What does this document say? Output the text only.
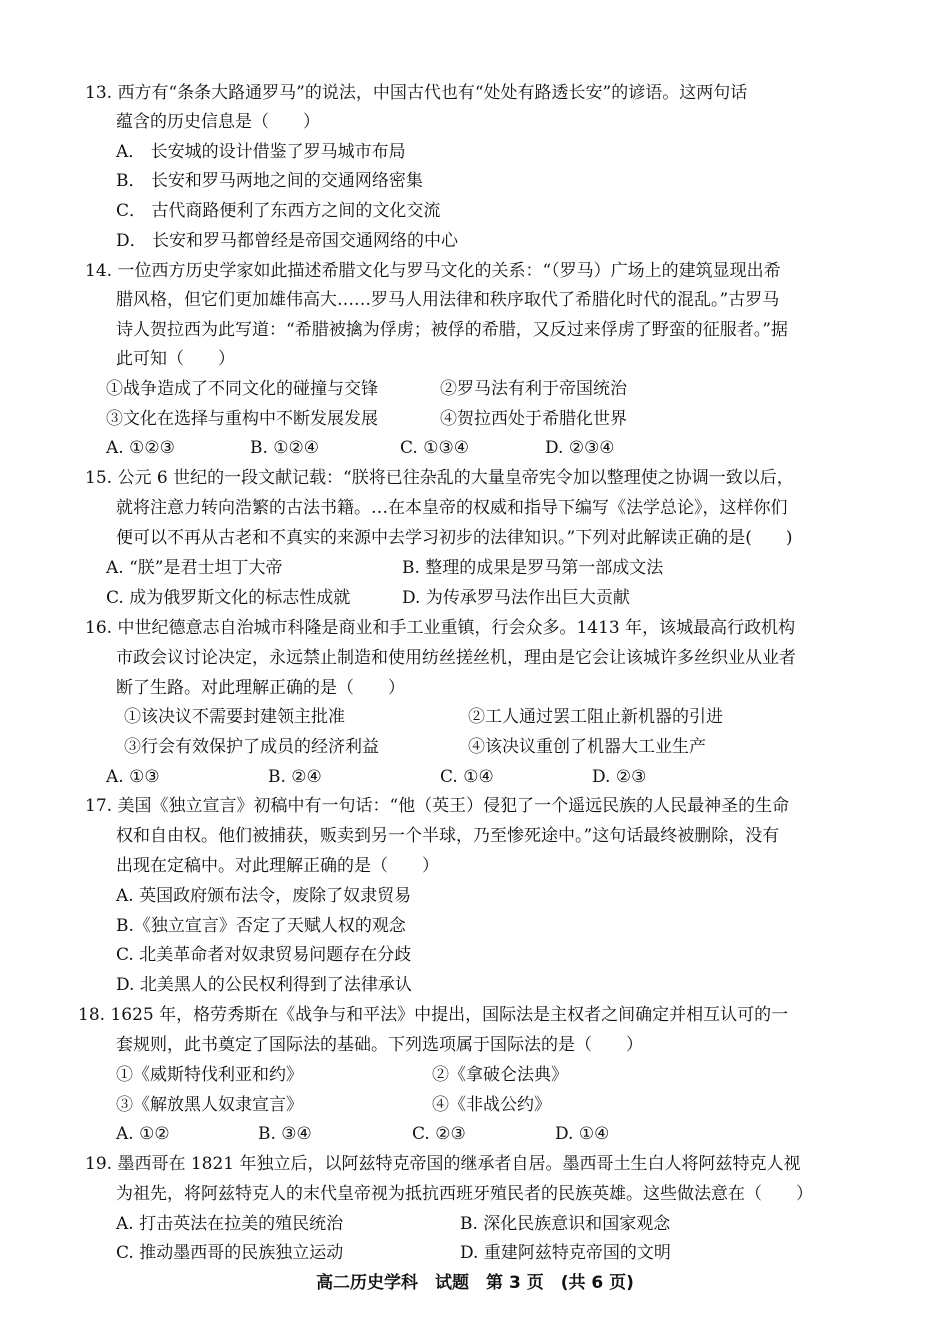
13. 西方有“条条大路通罗马”的说法，中国古代也有“处处有路透长安”的谚语。这两句话
蕴含的历史信息是（　　）
A． 长安城的设计借鉴了罗马城市布局
B． 长安和罗马两地之间的交通网络密集
C． 古代商路便利了东西方之间的文化交流
D． 长安和罗马都曾经是帝国交通网络的中心
14. 一位西方历史学家如此描述希腊文化与罗马文化的关系：“（罗马）广场上的建筑显现出希
腊风格，但它们更加雄伟高大……罗马人用法律和秩序取代了希腊化时代的混乱。”古罗马
诗人贺拉西为此写道：“希腊被擒为俘虏；被俘的希腊，又反过来俘虏了野蛮的征服者。”据
此可知（　　）
①战争造成了不同文化的碰撞与交锋	②罗马法有利于帝国统治
③文化在选择与重构中不断发展发展	④贺拉西处于希腊化世界
A. ①②③	B. ①②④	C. ①③④	D. ②③④
15. 公元 6 世纪的一段文献记载：“朕将已往杂乱的大量皇帝宪令加以整理使之协调一致以后，
就将注意力转向浩繁的古法书籍。…在本皇帝的权威和指导下编写《法学总论》，这样你们
便可以不再从古老和不真实的来源中去学习初步的法律知识。”下列对此解读正确的是(　　)
A. “朕”是君士坦丁大帝	B. 整理的成果是罗马第一部成文法
C. 成为俄罗斯文化的标志性成就	D. 为传承罗马法作出巨大贡献
16. 中世纪德意志自治城市科隆是商业和手工业重镇，行会众多。1413 年，该城最高行政机构
市政会议讨论决定，永远禁止制造和使用纺丝搓丝机，理由是它会让该城许多丝织业从业者
断了生路。对此理解正确的是（　　）
①该决议不需要封建领主批准	②工人通过罢工阻止新机器的引进
③行会有效保护了成员的经济利益	④该决议重创了机器大工业生产
A. ①③	B. ②④	C. ①④	D. ②③
17. 美国《独立宣言》初稿中有一句话：“他（英王）侵犯了一个遥远民族的人民最神圣的生命
权和自由权。他们被捕获，贩卖到另一个半球，乃至惨死途中。”这句话最终被删除，没有
出现在定稿中。对此理解正确的是（　　）
A. 英国政府颁布法令，废除了奴隶贸易
B.《独立宣言》否定了天赋人权的观念
C. 北美革命者对奴隶贸易问题存在分歧
D. 北美黑人的公民权利得到了法律承认
18. 1625 年，格劳秀斯在《战争与和平法》中提出，国际法是主权者之间确定并相互认可的一
套规则，此书奠定了国际法的基础。下列选项属于国际法的是（　　）
①《威斯特伐利亚和约》	②《拿破仑法典》
③《解放黑人奴隶宣言》	④《非战公约》
A. ①②	B. ③④	C. ②③	D. ①④
19. 墨西哥在 1821 年独立后，以阿兹特克帝国的继承者自居。墨西哥土生白人将阿兹特克人视
为祖先，将阿兹特克人的末代皇帝视为抵抗西班牙殖民者的民族英雄。这些做法意在（　　）
A. 打击英法在拉美的殖民统治	B. 深化民族意识和国家观念
C. 推动墨西哥的民族独立运动	D. 重建阿兹特克帝国的文明
高二历史学科　试题　第 3 页　(共 6 页)
